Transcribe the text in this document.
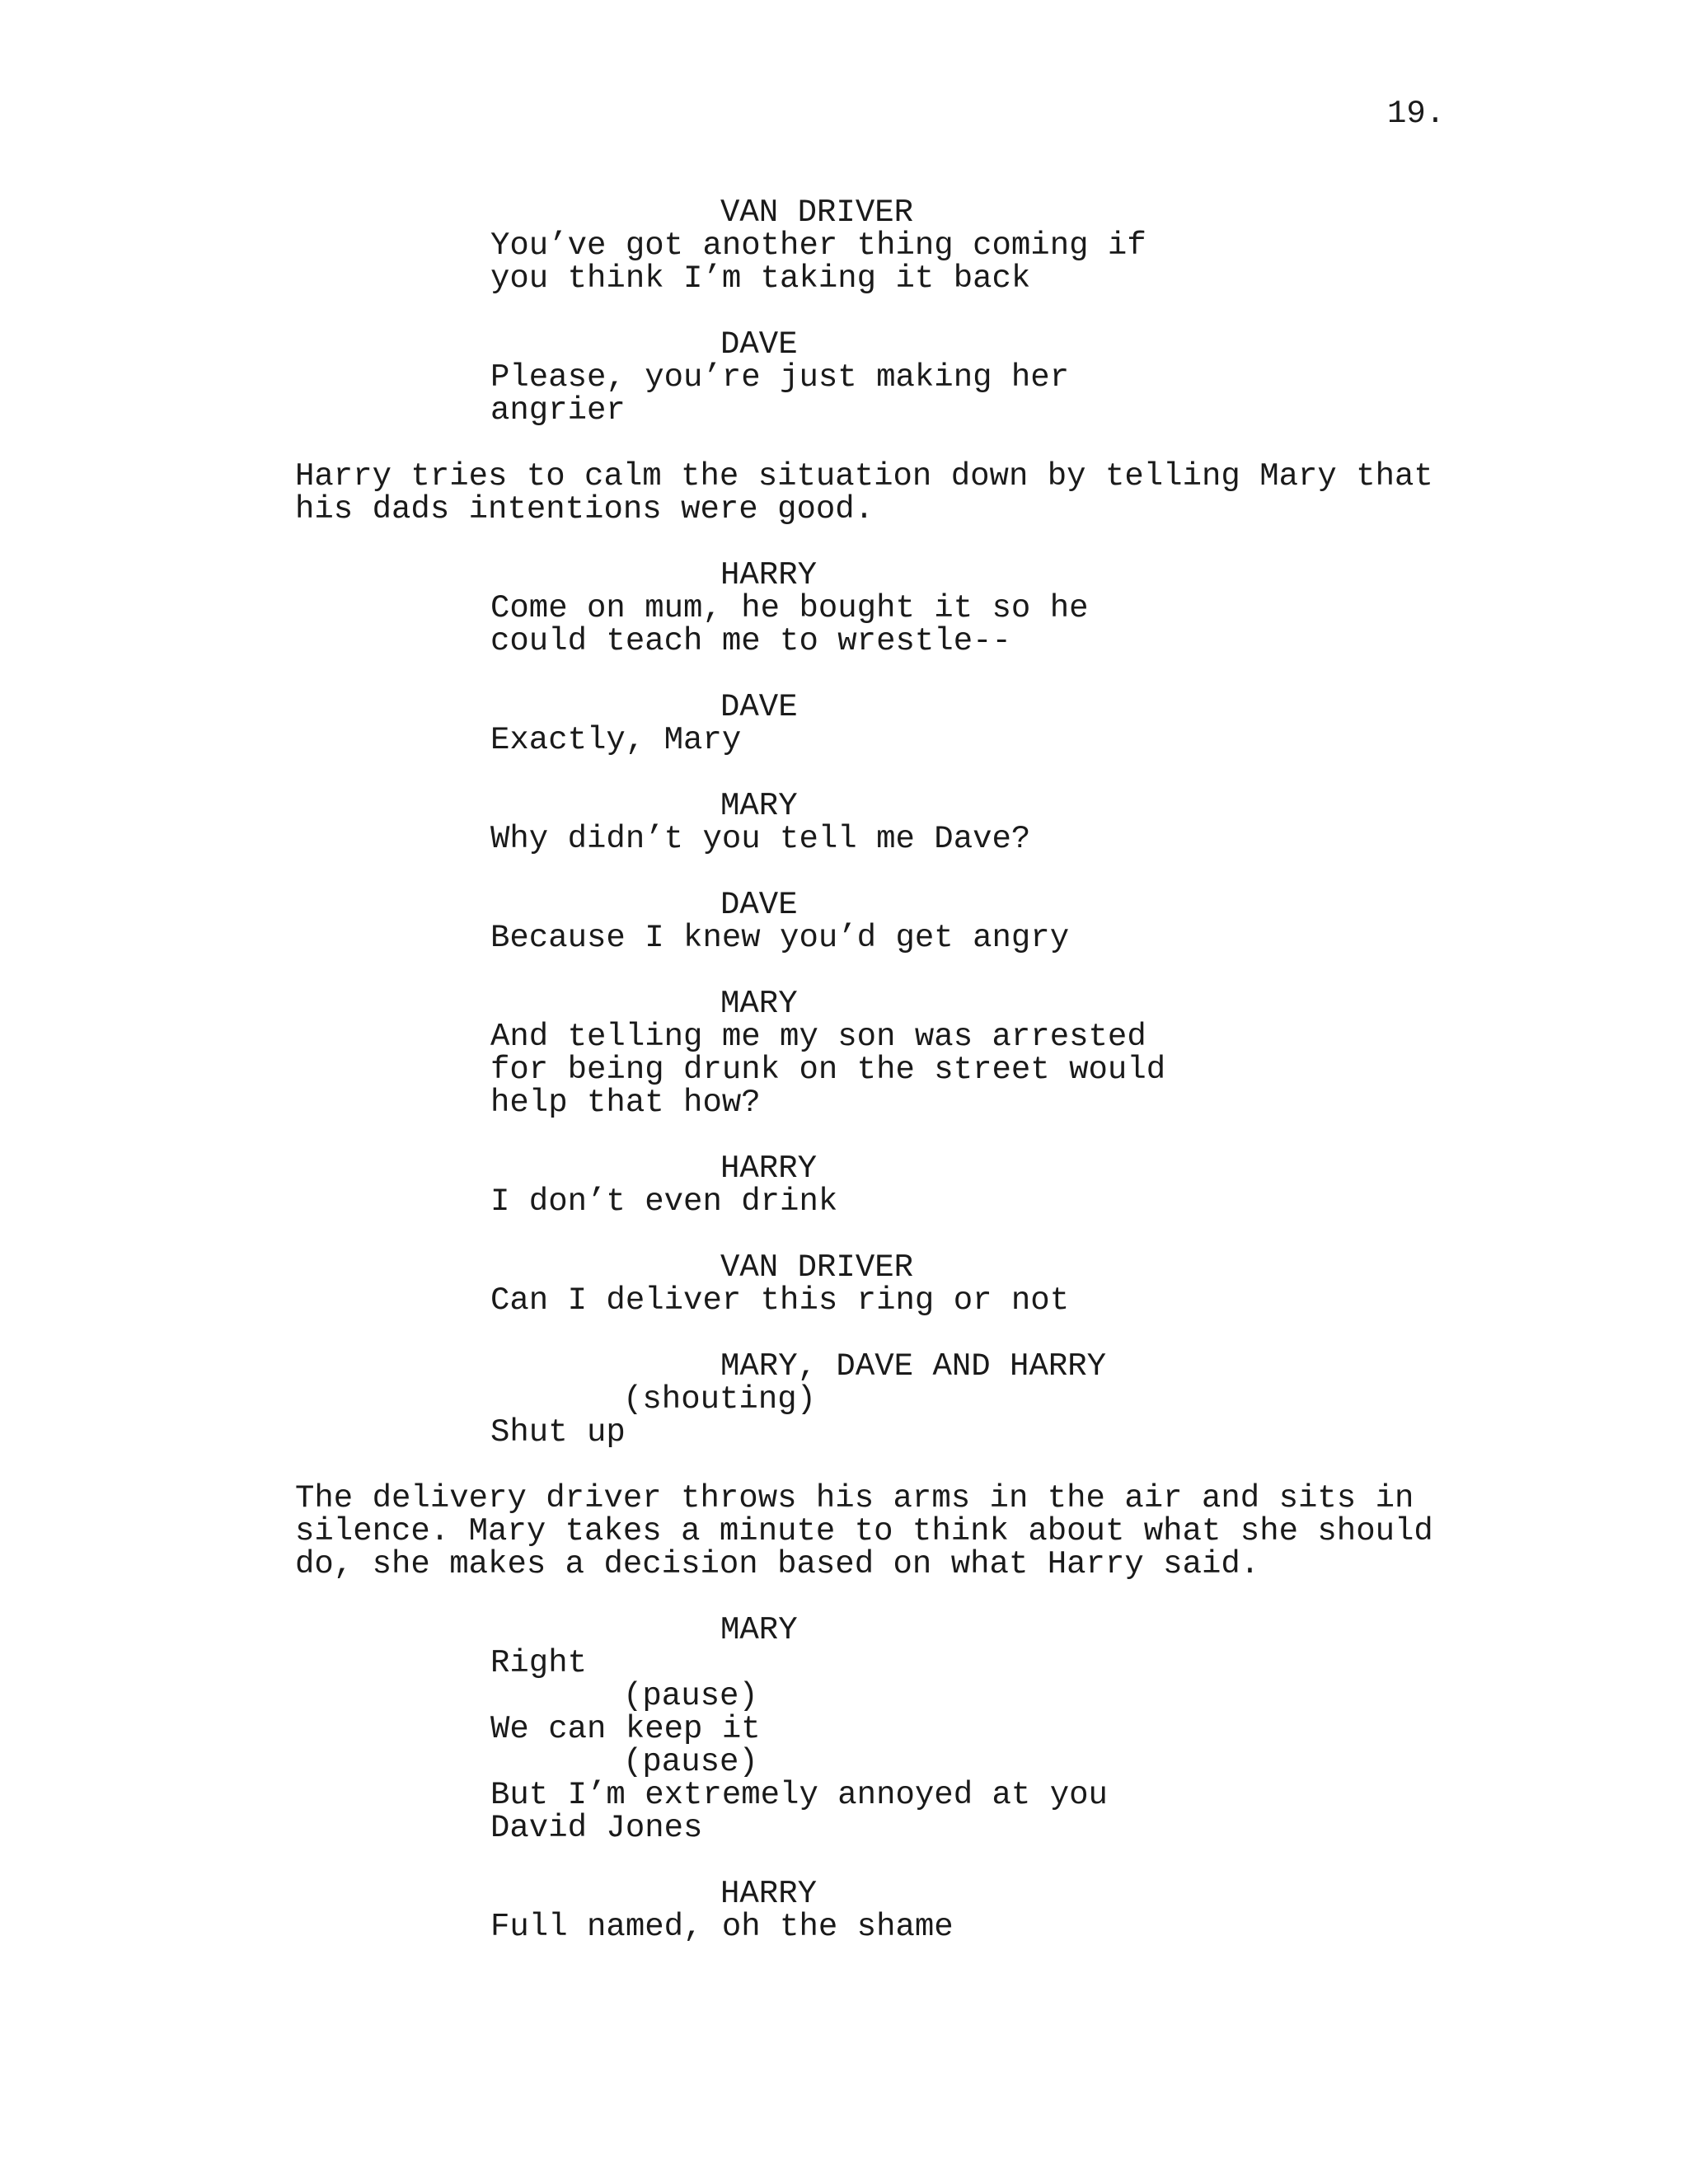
19.
VAN DRIVER
You’ve got another thing coming if
you think I’m taking it back
DAVE
Please, you’re just making her
angrier
Harry tries to calm the situation down by telling Mary that
his dads intentions were good.
HARRY
Come on mum, he bought it so he
could teach me to wrestle--
DAVE
Exactly, Mary
MARY
Why didn’t you tell me Dave?
DAVE
Because I knew you’d get angry
MARY
And telling me my son was arrested
for being drunk on the street would
help that how?
HARRY
I don’t even drink
VAN DRIVER
Can I deliver this ring or not
MARY, DAVE AND HARRY
(shouting)
Shut up
The delivery driver throws his arms in the air and sits in
silence. Mary takes a minute to think about what she should
do, she makes a decision based on what Harry said.
MARY
Right
(pause)
We can keep it
(pause)
But I’m extremely annoyed at you
David Jones
HARRY
Full named, oh the shame
